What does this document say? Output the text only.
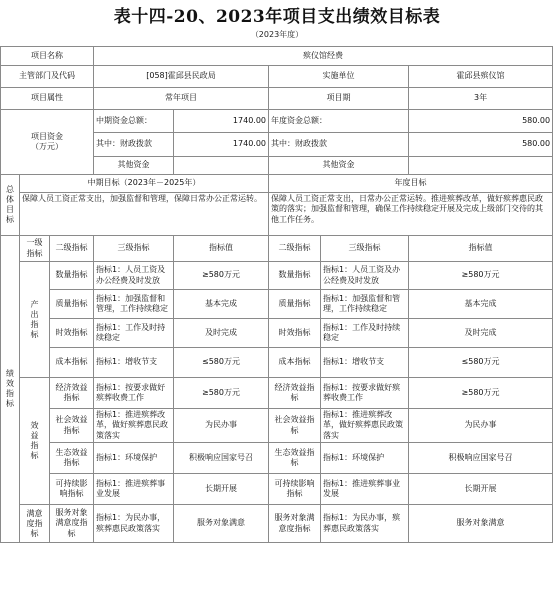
表十四-20、2023年项目支出绩效目标表
（2023年度）
项目名称			殡仪馆经费				
主管部门及代码			[058]霍邱县民政局		实施单位		霍邱县殡仪馆
项目属性			常年项目		项目期		3年
项目资金
（万元）			中期资金总额：	1740.00	年度资金总额：		580.00
			其中：财政拨款	1740.00	其中：财政拨款		580.00
			其他资金		其他资金		
总
体
目
标	中期目标（2023年－2025年）				年度目标		
	保障人员工资正常支出，加强监督和管理，保障日常办公正常运转。				保障人员工资正常支出，日常办公正常运转。推进殡葬改革，做好殡葬惠民政策的落实；加强监督和管理，确保工作持续稳定开展及完成上级部门交待的其他工作任务。		
绩
效
指
标	一级
指标	二级指标	三级指标	指标值	二级指标	三级指标	指标值
	产
出
指
标	数量指标	指标1：人员工资及办公经费及时发放	≥580万元	数量指标	指标1：人员工资及办公经费及时发放	≥580万元
		质量指标	指标1：加强监督和管理，工作持续稳定	基本完成	质量指标	指标1：加强监督和管理，工作持续稳定	基本完成
		时效指标	指标1：工作及时持续稳定	及时完成	时效指标	指标1：工作及时持续稳定	及时完成
		成本指标	指标1：增收节支	≤580万元	成本指标	指标1：增收节支	≤580万元
	效
益
指
标	经济效益指标	指标1：按要求做好殡葬收费工作	≥580万元	经济效益指标	指标1：按要求做好殡葬收费工作	≥580万元
		社会效益指标	指标1：推进殡葬改革，做好殡葬惠民政策落实	为民办事	社会效益指标	指标1：推进殡葬改革，做好殡葬惠民政策落实	为民办事
		生态效益指标	指标1：环境保护	积极响应国家号召	生态效益指标	指标1：环境保护	积极响应国家号召
		可持续影响指标	指标1：推进殡葬事业发展	长期开展	可持续影响指标	指标1：推进殡葬事业发展	长期开展
	满意
度指
标	服务对象满意度指标	指标1：为民办事，殡葬惠民政策落实	服务对象满意	服务对象满意度指标	指标1：为民办事，殡葬惠民政策落实	服务对象满意
